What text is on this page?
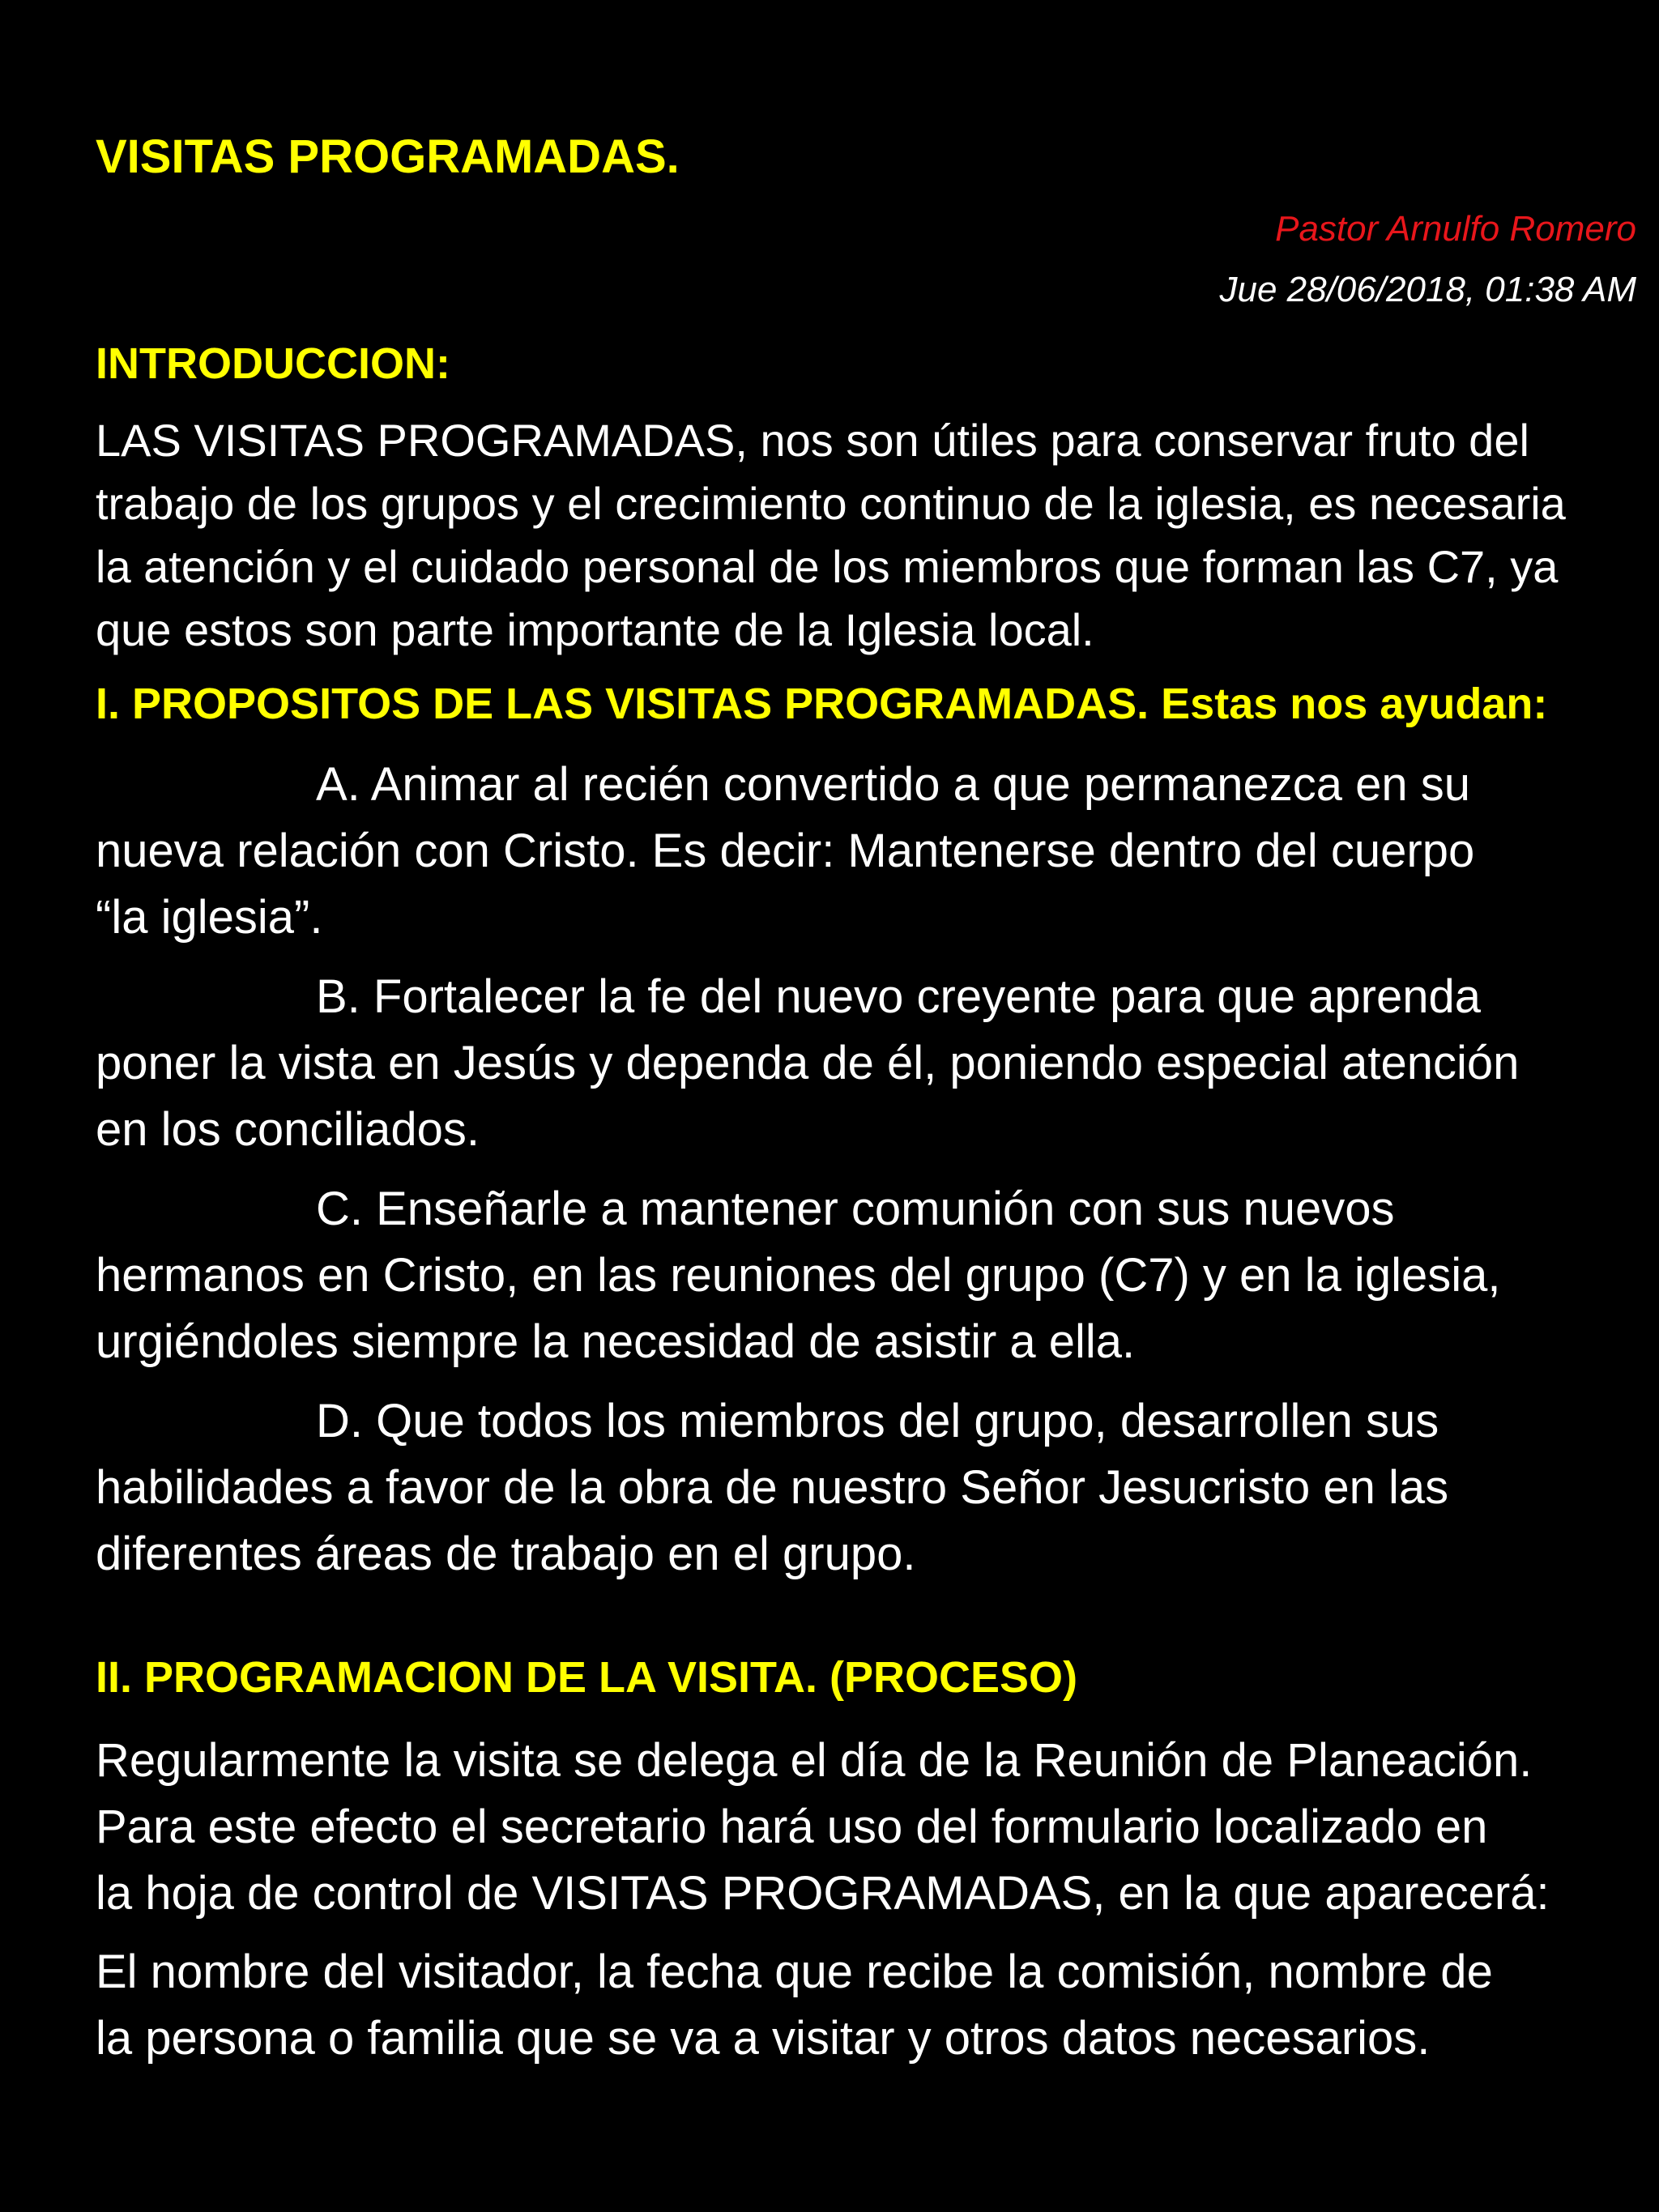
VISITAS PROGRAMADAS.
Pastor Arnulfo Romero
Jue 28/06/2018, 01:38 AM
INTRODUCCION:
LAS VISITAS PROGRAMADAS, nos son útiles para conservar fruto del
trabajo de los grupos y el crecimiento continuo de la iglesia, es necesaria
la atención y el cuidado personal de los miembros que forman las C7, ya
que estos son parte importante de la Iglesia local.
I. PROPOSITOS DE LAS VISITAS PROGRAMADAS. Estas nos ayudan:
A. Animar al recién convertido a que permanezca en su
nueva relación con Cristo. Es decir: Mantenerse dentro del cuerpo
“la iglesia”.
B. Fortalecer la fe del nuevo creyente para que aprenda
poner la vista en Jesús y dependa de él, poniendo especial atención
en los conciliados.
C. Enseñarle a mantener comunión con sus nuevos
hermanos en Cristo, en las reuniones del grupo (C7) y en la iglesia,
urgiéndoles siempre la necesidad de asistir a ella.
D. Que todos los miembros del grupo, desarrollen sus
habilidades a favor de la obra de nuestro Señor Jesucristo en las
diferentes áreas de trabajo en el grupo.
II. PROGRAMACION DE LA VISITA. (PROCESO)
Regularmente la visita se delega el día de la Reunión de Planeación.
Para este efecto el secretario hará uso del formulario localizado en
la hoja de control de VISITAS PROGRAMADAS, en la que aparecerá:
El nombre del visitador, la fecha que recibe la comisión, nombre de
la persona o familia que se va a visitar y otros datos necesarios.
